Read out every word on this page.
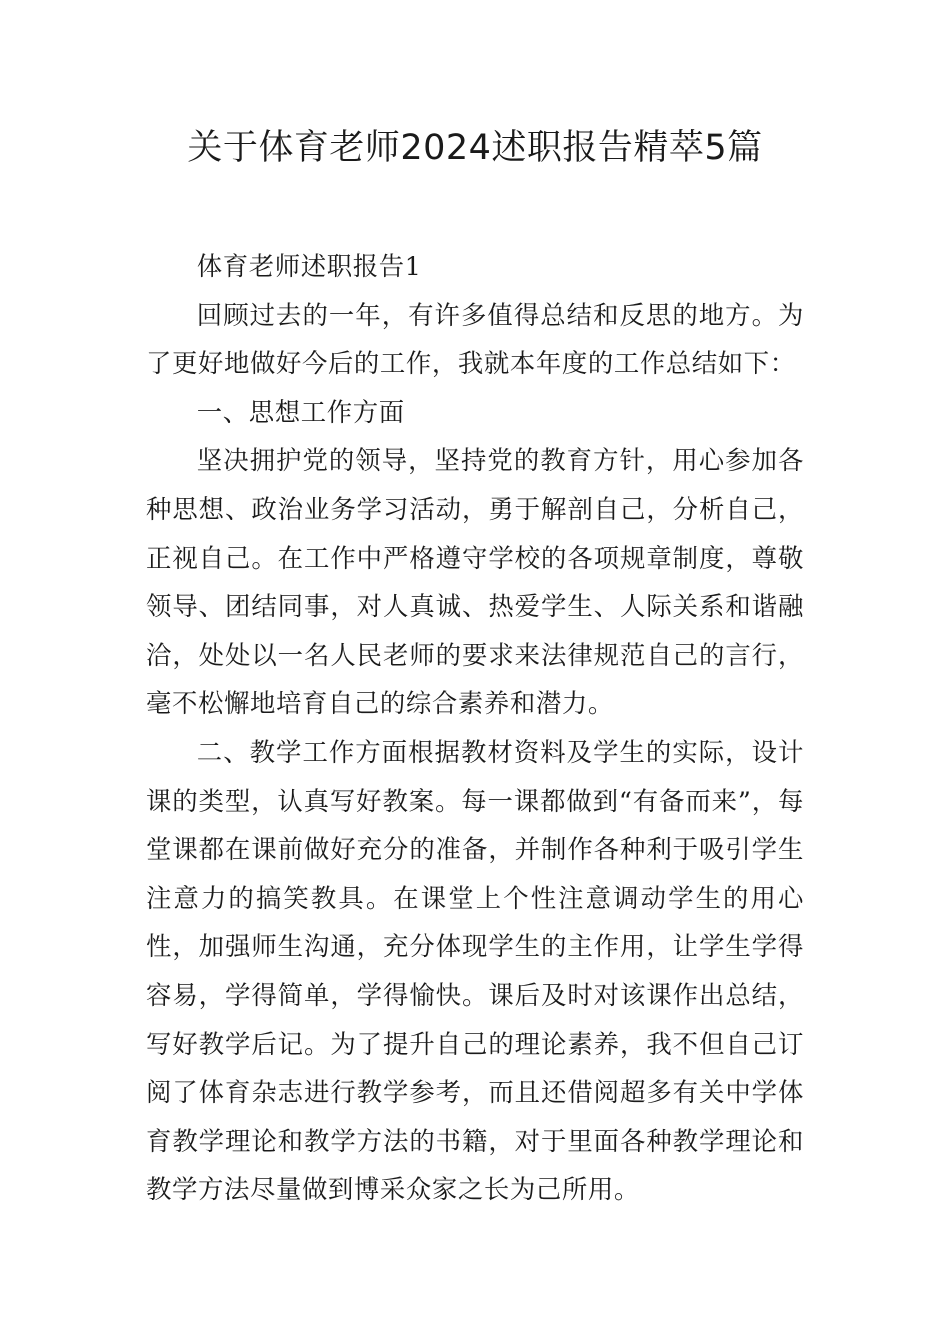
关于体育老师2024述职报告精萃5篇

体育老师述职报告1

回顾过去的一年，有许多值得总结和反思的地方。为了更好地做好今后的工作，我就本年度的工作总结如下：

一、思想工作方面

坚决拥护党的领导，坚持党的教育方针，用心参加各种思想、政治业务学习活动，勇于解剖自己，分析自己，正视自己。在工作中严格遵守学校的各项规章制度，尊敬领导、团结同事，对人真诚、热爱学生、人际关系和谐融洽，处处以一名人民老师的要求来法律规范自己的言行，毫不松懈地培育自己的综合素养和潜力。

二、教学工作方面根据教材资料及学生的实际，设计课的类型，认真写好教案。每一课都做到“有备而来”，每堂课都在课前做好充分的准备，并制作各种利于吸引学生注意力的搞笑教具。在课堂上个性注意调动学生的用心性，加强师生沟通，充分体现学生的主作用，让学生学得容易，学得简单，学得愉快。课后及时对该课作出总结，写好教学后记。为了提升自己的理论素养，我不但自己订阅了体育杂志进行教学参考，而且还借阅超多有关中学体育教学理论和教学方法的书籍，对于里面各种教学理论和教学方法尽量做到博采众家之长为己所用。
